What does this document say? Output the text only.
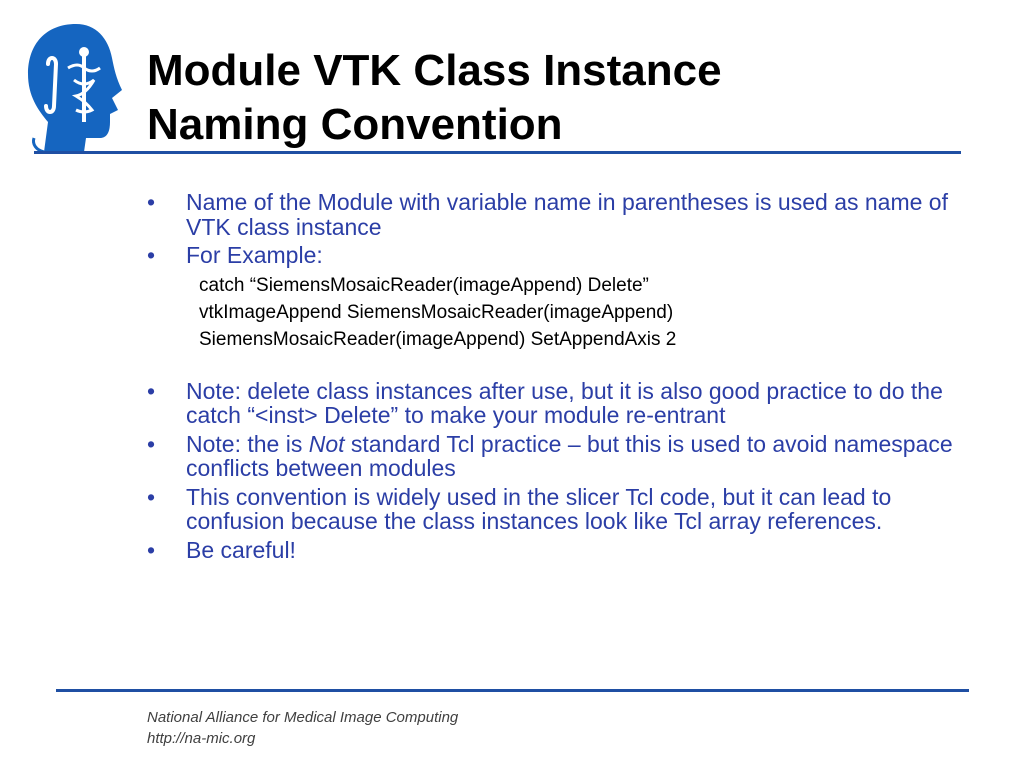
Module VTK Class Instance
Naming Convention
• Name of the Module with variable name in parentheses is used as name of VTK class instance
• For Example:
catch “SiemensMosaicReader(imageAppend) Delete”
vtkImageAppend SiemensMosaicReader(imageAppend)
SiemensMosaicReader(imageAppend) SetAppendAxis 2
• Note: delete class instances after use, but it is also good practice to do the catch “<inst> Delete” to make your module re-entrant
• Note: the is Not standard Tcl practice – but this is used to avoid namespace conflicts between modules
• This convention is widely used in the slicer Tcl code, but it can lead to confusion because the class instances look like Tcl array references.
• Be careful!
National Alliance for Medical Image Computing
http://na-mic.org
